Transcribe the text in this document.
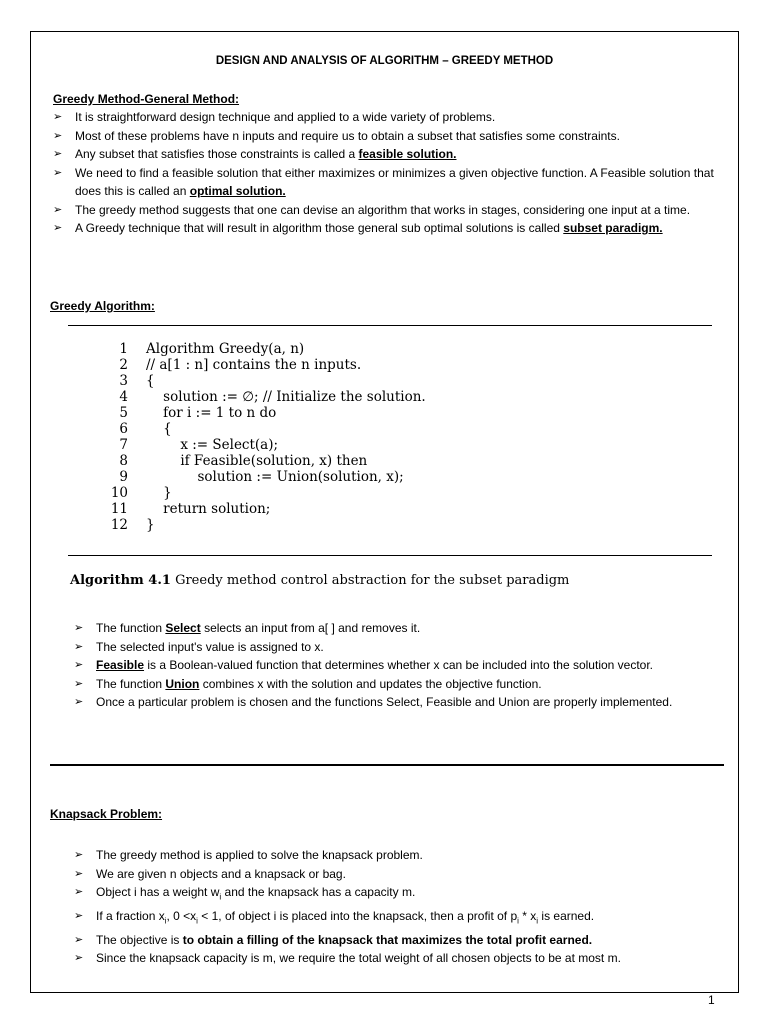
DESIGN AND ANALYSIS OF ALGORITHM – GREEDY METHOD
Greedy Method-General Method:
➢ It is straightforward design technique and applied to a wide variety of problems.
➢ Most of these problems have n inputs and require us to obtain a subset that satisfies some constraints.
➢ Any subset that satisfies those constraints is called a feasible solution.
➢ We need to find a feasible solution that either maximizes or minimizes a given objective function. A Feasible solution that does this is called an optimal solution.
➢ The greedy method suggests that one can devise an algorithm that works in stages, considering one input at a time.
➢ A Greedy technique that will result in algorithm those general sub optimal solutions is called subset paradigm.
Greedy Algorithm:
1 Algorithm Greedy(a, n)
2 // a[1 : n] contains the n inputs.
3 {
4 solution := ∅; // Initialize the solution.
5 for i := 1 to n do
6 {
7 x := Select(a);
8 if Feasible(solution, x) then
9 solution := Union(solution, x);
10 }
11 return solution;
12 }
Algorithm 4.1 Greedy method control abstraction for the subset paradigm
➢ The function Select selects an input from a[ ] and removes it.
➢ The selected input's value is assigned to x.
➢ Feasible is a Boolean-valued function that determines whether x can be included into the solution vector.
➢ The function Union combines x with the solution and updates the objective function.
➢ Once a particular problem is chosen and the functions Select, Feasible and Union are properly implemented.
Knapsack Problem:
➢ The greedy method is applied to solve the knapsack problem.
➢ We are given n objects and a knapsack or bag.
➢ Object i has a weight $w_i$ and the knapsack has a capacity m.
➢ If a fraction $x_i$, $0 <x_i < 1$, of object i is placed into the knapsack, then a profit of $p_i * x_i$ is earned.
➢ The objective is to obtain a filling of the knapsack that maximizes the total profit earned.
➢ Since the knapsack capacity is m, we require the total weight of all chosen objects to be at most m.
1
